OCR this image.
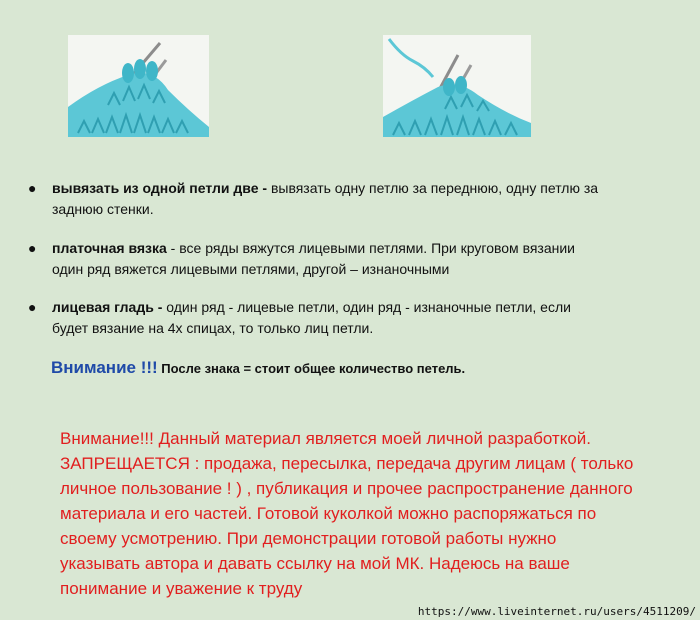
● вывязать из одной петли две - вывязать одну петлю за переднюю, одну петлю за
заднюю стенки.
● платочная вязка - все ряды вяжутся лицевыми петлями. При круговом вязании
один ряд вяжется лицевыми петлями, другой – изнаночными
● лицевая гладь - один ряд - лицевые петли, один ряд - изнаночные петли, если
будет вязание на 4х спицах, то только лиц петли.
Внимание !!! После знака = стоит общее количество петель.
Внимание!!! Данный материал является моей личной разработкой.
ЗАПРЕЩАЕТСЯ : продажа, пересылка, передача другим лицам ( только
личное пользование ! ) , публикация и прочее распространение данного
материала и его частей. Готовой куколкой можно распоряжаться по
своему усмотрению. При демонстрации готовой работы нужно
указывать автора и давать ссылку на мой МК. Надеюсь на ваше
понимание и уважение к труду
https://www.liveinternet.ru/users/4511209/
